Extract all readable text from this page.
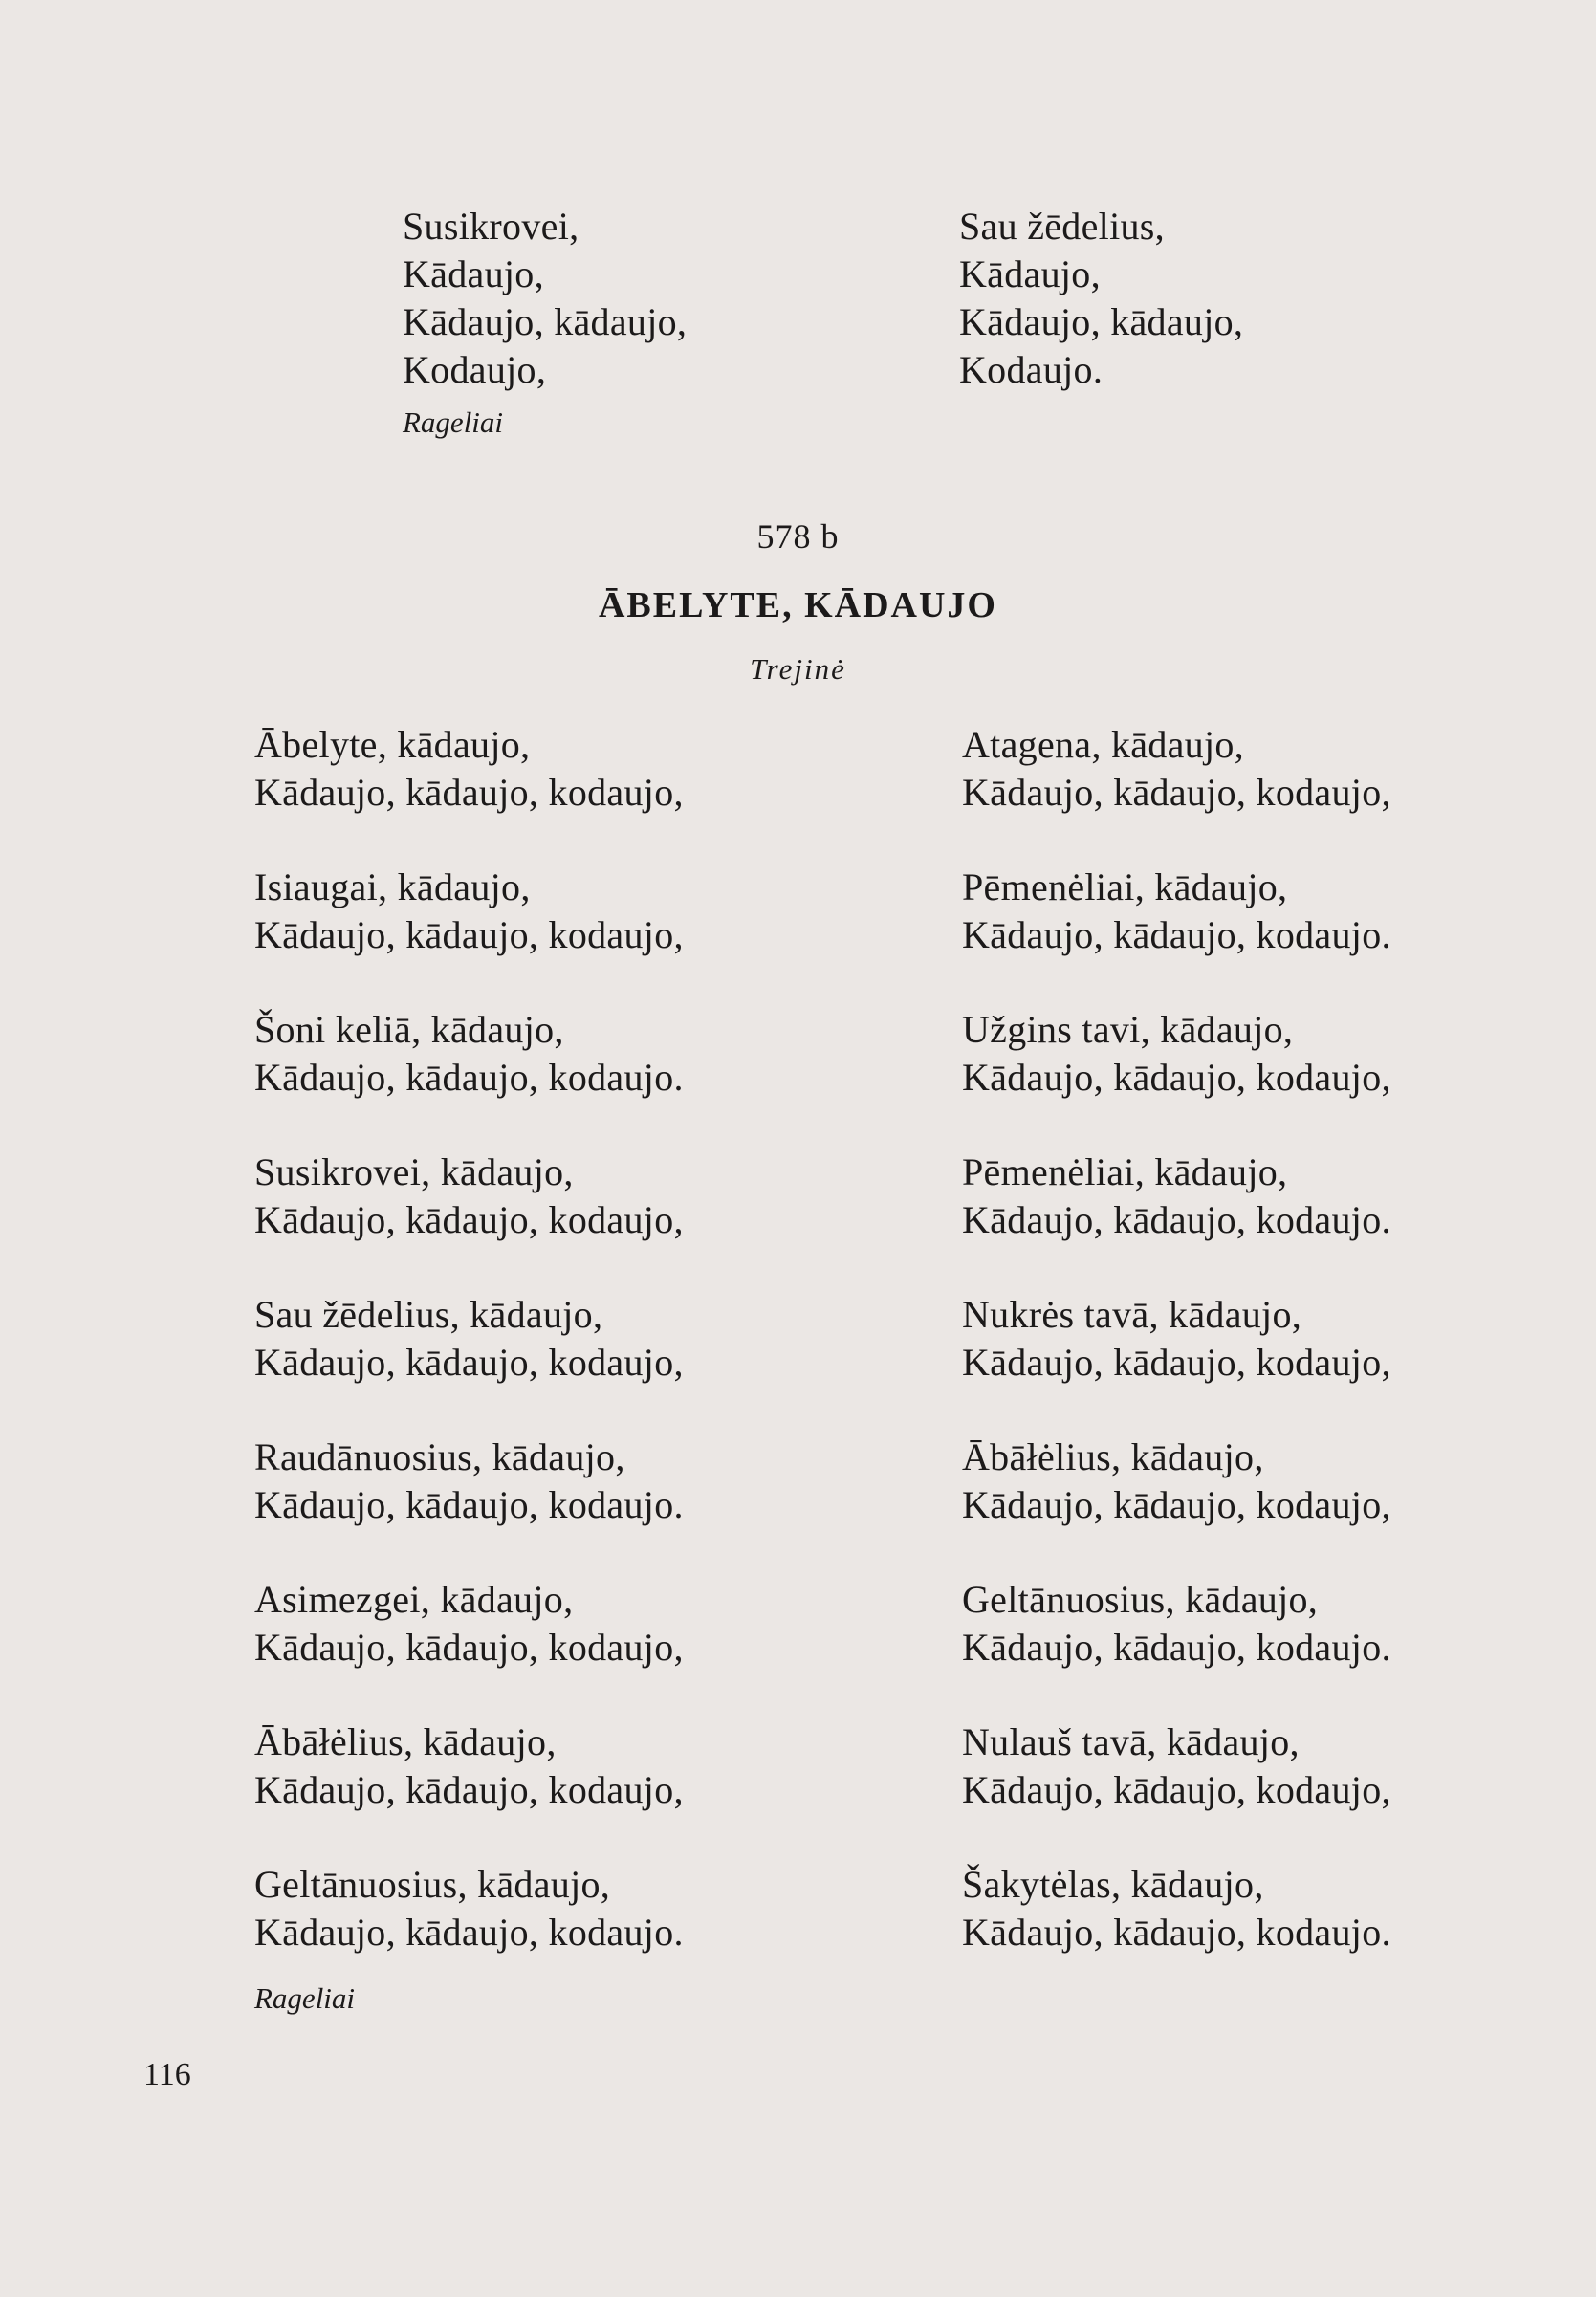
Susikrovei,
Kādaujo,
Kādaujo, kādaujo,
Kodaujo,
Sau žēdelius,
Kādaujo,
Kādaujo, kādaujo,
Kodaujo.
Rageliai
578 b
ĀBELYTE, KĀDAUJO
Trejinė
Ābelyte, kādaujo,
Kādaujo, kādaujo, kodaujo,
Isiaugai, kādaujo,
Kādaujo, kādaujo, kodaujo,
Šoni keliā, kādaujo,
Kādaujo, kādaujo, kodaujo.
Susikrovei, kādaujo,
Kādaujo, kādaujo, kodaujo,
Sau žēdelius, kādaujo,
Kādaujo, kādaujo, kodaujo,
Raudānuosius, kādaujo,
Kādaujo, kādaujo, kodaujo.
Asimezgei, kādaujo,
Kādaujo, kādaujo, kodaujo,
Ābāłėlius, kādaujo,
Kādaujo, kādaujo, kodaujo,
Geltānuosius, kādaujo,
Kādaujo, kādaujo, kodaujo.
Atagena, kādaujo,
Kādaujo, kādaujo, kodaujo,
Pēmenėliai, kādaujo,
Kādaujo, kādaujo, kodaujo.
Užgins tavi, kādaujo,
Kādaujo, kādaujo, kodaujo,
Pēmenėliai, kādaujo,
Kādaujo, kādaujo, kodaujo.
Nukrės tavā, kādaujo,
Kādaujo, kādaujo, kodaujo,
Ābāłėlius, kādaujo,
Kādaujo, kādaujo, kodaujo,
Geltānuosius, kādaujo,
Kādaujo, kādaujo, kodaujo.
Nulauš tavā, kādaujo,
Kādaujo, kādaujo, kodaujo,
Šakytėlas, kādaujo,
Kādaujo, kādaujo, kodaujo.
Rageliai
116
